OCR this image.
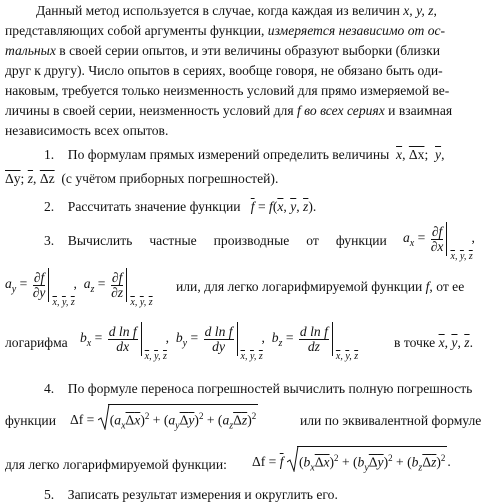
Данный метод используется в случае, когда каждая из величин x, y, z,
представляющих собой аргументы функции, измеряется независимо от ос-
тальных в своей серии опытов, и эти величины образуют выборки (близки
друг к другу). Число опытов в сериях, вообще говоря, не обязано быть оди-
наковым, требуется только неизменность условий для прямо измеряемой ве-
личины в своей серии, неизменность условий для f во всех сериях и взаимная
независимость всех опытов.
1. По формулам прямых измерений определить величины $\overline{x}$, $\overline{\Delta x}$;  $\overline{y}$,
$\overline{\Delta y}$; $\overline{z}$, $\overline{\Delta z}$ (с учётом приборных погрешностей).
2. Рассчитать значение функции $\overline{f} = f(\overline{x}$, $\overline{y}$, $\overline{z}$).
3. Вычислить частные производные от функции	$a_x = \frac{\partial f}{\partial x}$
$\overline{x}$, $\overline{y}$, $\overline{z}$
,
$a_y = \frac{\partial f}{\partial y}$
$\overline{x}$, $\overline{y}$, $\overline{z}$
,  $a_z = \frac{\partial f}{\partial z}$
$\overline{x}$, $\overline{y}$, $\overline{z}$
или, для легко логарифмируемой функции f, от ее
логарифма $b_x = \frac{\text{d ln f}}{dx}$
$\overline{x}$, $\overline{y}$, $\overline{z}$
,  $b_y = \frac{\text{d ln f}}{dy}$
$\overline{x}$, $\overline{y}$, $\overline{z}$
,  $b_z = \frac{\text{d ln f}}{dz}$
$\overline{x}$, $\overline{y}$, $\overline{z}$
в точке $\overline{x}$, $\overline{y}$, $\overline{z}$.
4. По формуле переноса погрешностей вычислить полную погрешность
функции Δf =
$(a_x\Delta x)^2 + (a_y\Delta y)^2 + (a_z\Delta z)^2$	или по эквивалентной формуле
для легко логарифмируемой функции: $\Delta f = \overline{f}$ $(b_x\Delta x)^2 + (b_y\Delta y)^2 + (b_z\Delta z)^2$ .
5. Записать результат измерения и округлить его.
